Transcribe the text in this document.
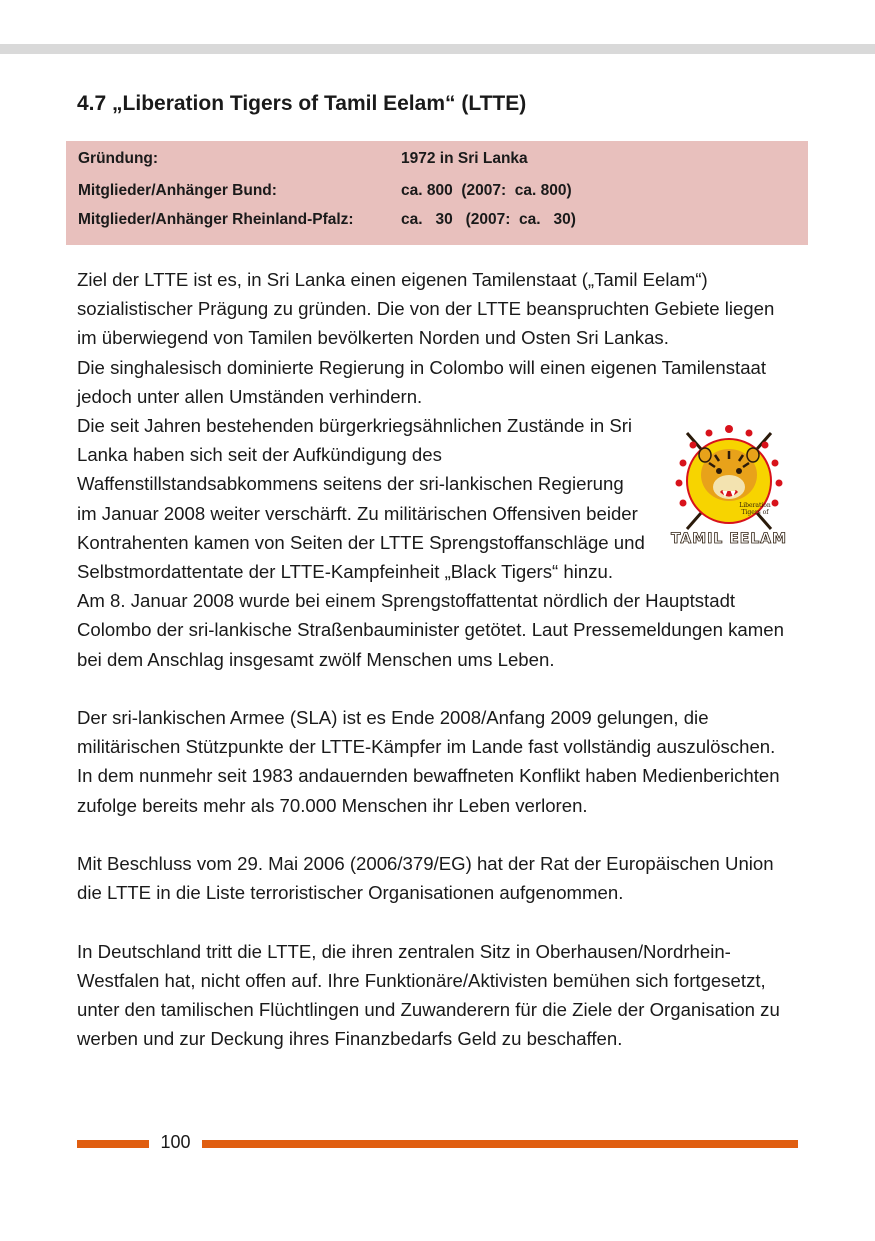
4.7 „Liberation Tigers of Tamil Eelam“ (LTTE)
Gründung:	1972 in Sri Lanka
Mitglieder/Anhänger Bund:	ca. 800  (2007:  ca. 800)
Mitglieder/Anhänger Rheinland-Pfalz:	ca.   30   (2007:  ca.   30)

Ziel der LTTE ist es, in Sri Lanka einen eigenen Tamilenstaat („Tamil Eelam“) sozialistischer Prägung zu gründen. Die von der LTTE beanspruchten Gebiete liegen im überwiegend von Tamilen bevölkerten Norden und Osten Sri Lankas.

Die singhalesisch dominierte Regierung in Colombo will einen eigenen Tamilenstaat jedoch unter allen Umständen verhindern.

Liberation
Tigers of
TAMIL EELAM

Die seit Jahren bestehenden bürgerkriegsähnlichen Zustände in Sri Lanka haben sich seit der Aufkündigung des Waffenstillstandsabkommens seitens der sri-lankischen Regierung im Januar 2008 weiter verschärft. Zu militärischen Offensiven beider Kontrahenten kamen von Seiten der LTTE Sprengstoffanschläge und Selbstmordattentate der LTTE-Kampfeinheit „Black Tigers“ hinzu.

Am 8. Januar 2008 wurde bei einem Sprengstoffattentat nördlich der Hauptstadt Colombo der sri-lankische Straßenbauminister getötet. Laut Pressemeldungen kamen bei dem Anschlag insgesamt zwölf Menschen ums Leben.

Der sri-lankischen Armee (SLA) ist es Ende 2008/Anfang 2009 gelungen, die militärischen Stützpunkte der LTTE-Kämpfer im Lande fast vollständig auszulöschen.

In dem nunmehr seit 1983 andauernden bewaffneten Konflikt haben Medienberichten zufolge bereits mehr als 70.000 Menschen ihr Leben verloren.

Mit Beschluss vom 29. Mai 2006 (2006/379/EG) hat der Rat der Europäischen Union die LTTE in die Liste terroristischer Organisationen aufgenommen.

In Deutschland tritt die LTTE, die ihren zentralen Sitz in Oberhausen/Nordrhein-Westfalen hat, nicht offen auf. Ihre Funktionäre/Aktivisten bemühen sich fortgesetzt, unter den tamilischen Flüchtlingen und Zuwanderern für die Ziele der Organisation zu werben und zur Deckung ihres Finanzbedarfs Geld zu beschaffen.

100
